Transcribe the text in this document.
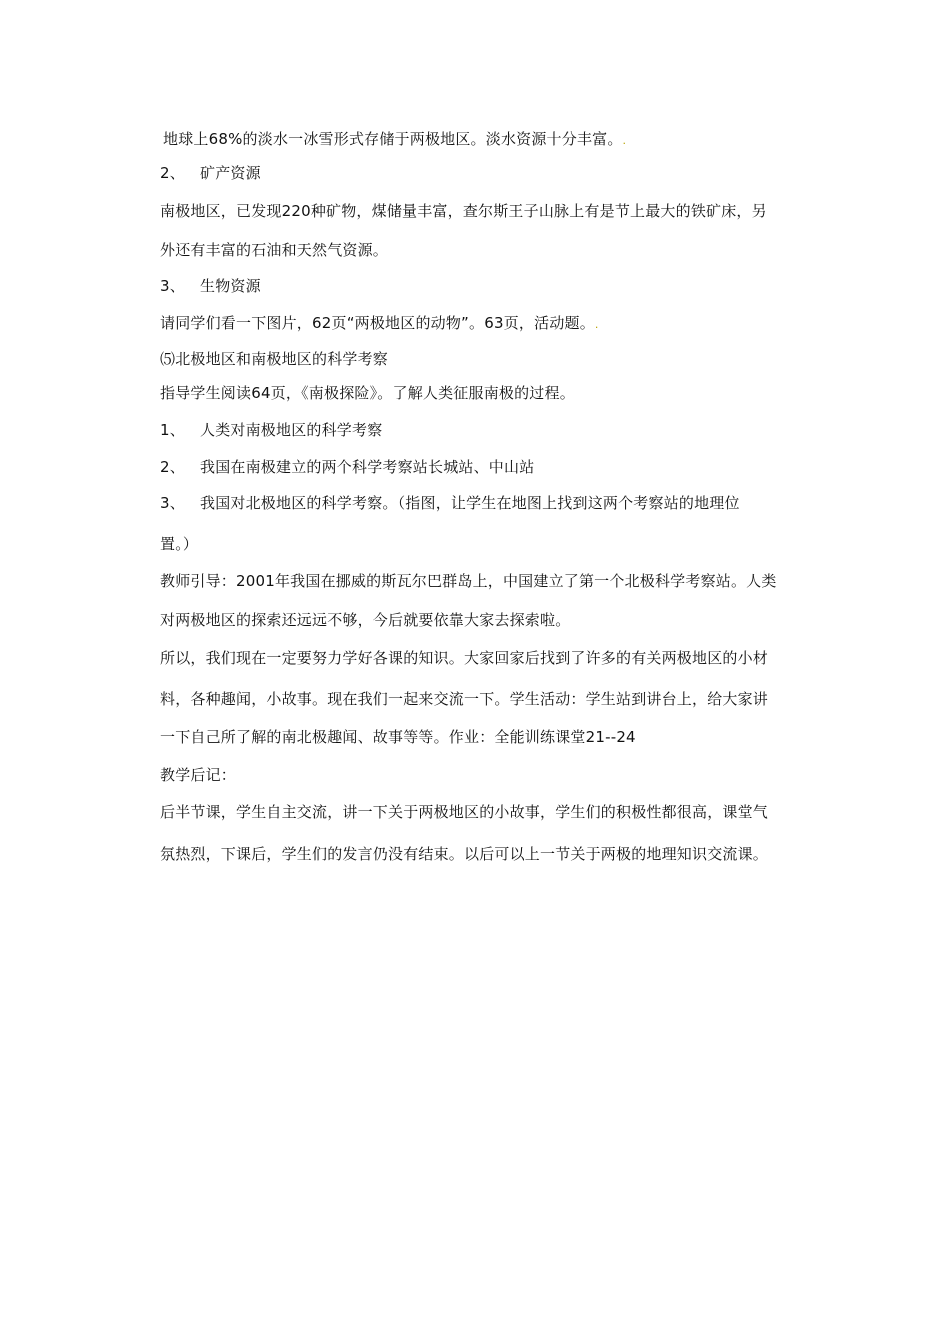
地球上68%的淡水一冰雪形式存储于两极地区。淡水资源十分丰富。.
2、 矿产资源
南极地区，已发现220种矿物，煤储量丰富，查尔斯王子山脉上有是节上最大的铁矿床，另
外还有丰富的石油和天然气资源。
3、 生物资源
请同学们看一下图片，62页“两极地区的动物”。63页，活动题。.
⑸北极地区和南极地区的科学考察
指导学生阅读64页，《南极探险》。了解人类征服南极的过程。
1、 人类对南极地区的科学考察
2、 我国在南极建立的两个科学考察站长城站、中山站
3、 我国对北极地区的科学考察。（指图，让学生在地图上找到这两个考察站的地理位
置。）
教师引导：2001年我国在挪威的斯瓦尔巴群岛上，中国建立了第一个北极科学考察站。人类
对两极地区的探索还远远不够，今后就要依靠大家去探索啦。
所以，我们现在一定要努力学好各课的知识。大家回家后找到了许多的有关两极地区的小材
料，各种趣闻，小故事。现在我们一起来交流一下。学生活动：学生站到讲台上，给大家讲
一下自己所了解的南北极趣闻、故事等等。作业：全能训练课堂21--24
教学后记：
后半节课，学生自主交流，讲一下关于两极地区的小故事，学生们的积极性都很高，课堂气
氛热烈，下课后，学生们的发言仍没有结束。以后可以上一节关于两极的地理知识交流课。
